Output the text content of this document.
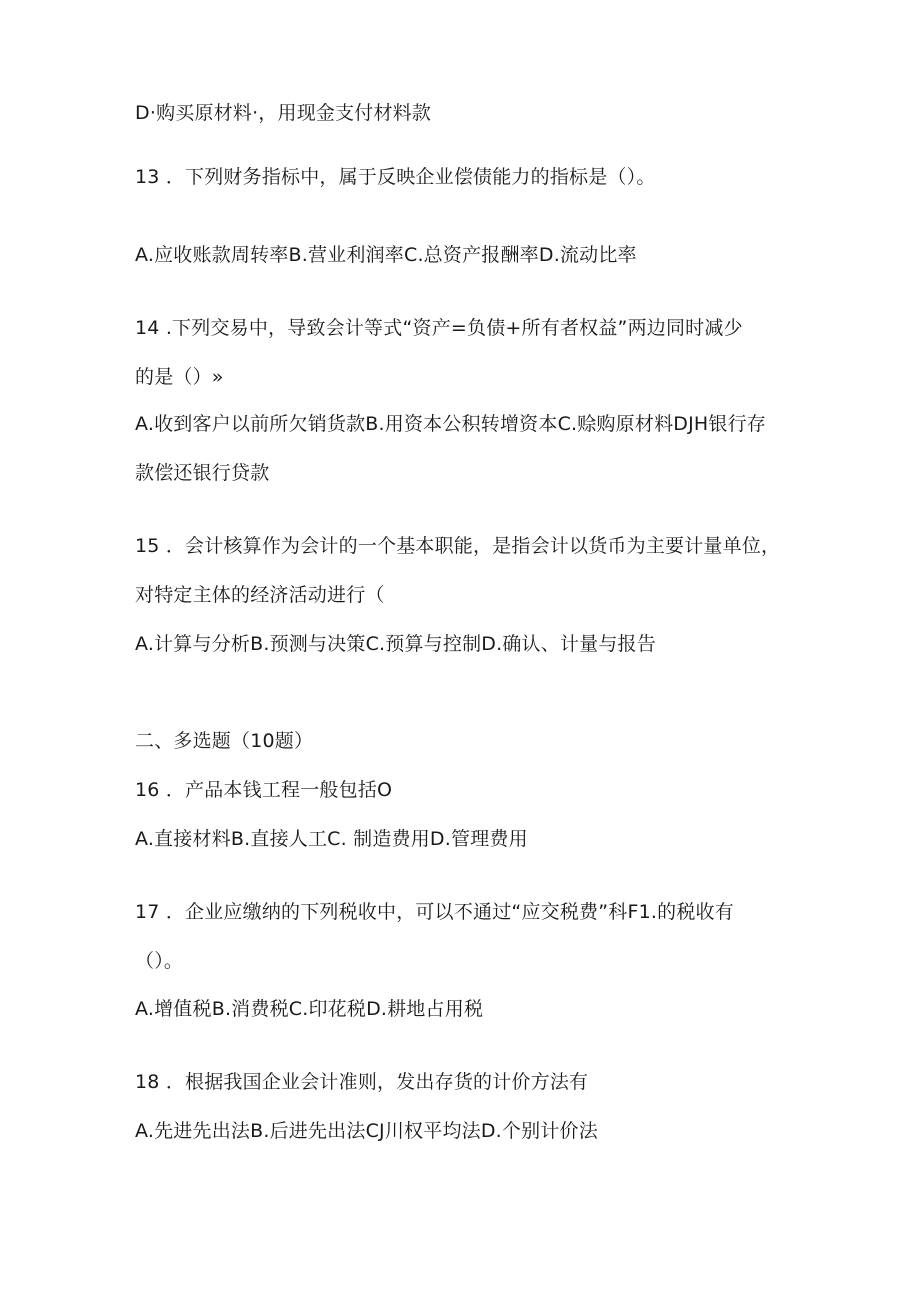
D·购买原材料·，用现金支付材料款
13 ．下列财务指标中，属于反映企业偿债能力的指标是（）。
A.应收账款周转率B.营业利润率C.总资产报酬率D.流动比率
14 .下列交易中，导致会计等式“资产=负债+所有者权益”两边同时减少
的是（）»
A.收到客户以前所欠销货款B.用资本公积转增资本C.赊购原材料DJH银行存
款偿还银行贷款
15 ．会计核算作为会计的一个基本职能，是指会计以货币为主要计量单位，
对特定主体的经济活动进行（
A.计算与分析B.预测与决策C.预算与控制D.确认、计量与报告
二、多选题（10题）
16 ．产品本钱工程一般包括O
A.直接材料B.直接人工C. 制造费用D.管理费用
17 ．企业应缴纳的下列税收中，可以不通过“应交税费”科F1.的税收有
（）。
A.增值税B.消费税C.印花税D.耕地占用税
18 ．根据我国企业会计准则，发出存货的计价方法有
A.先进先出法B.后进先出法CJ川权平均法D.个别计价法
